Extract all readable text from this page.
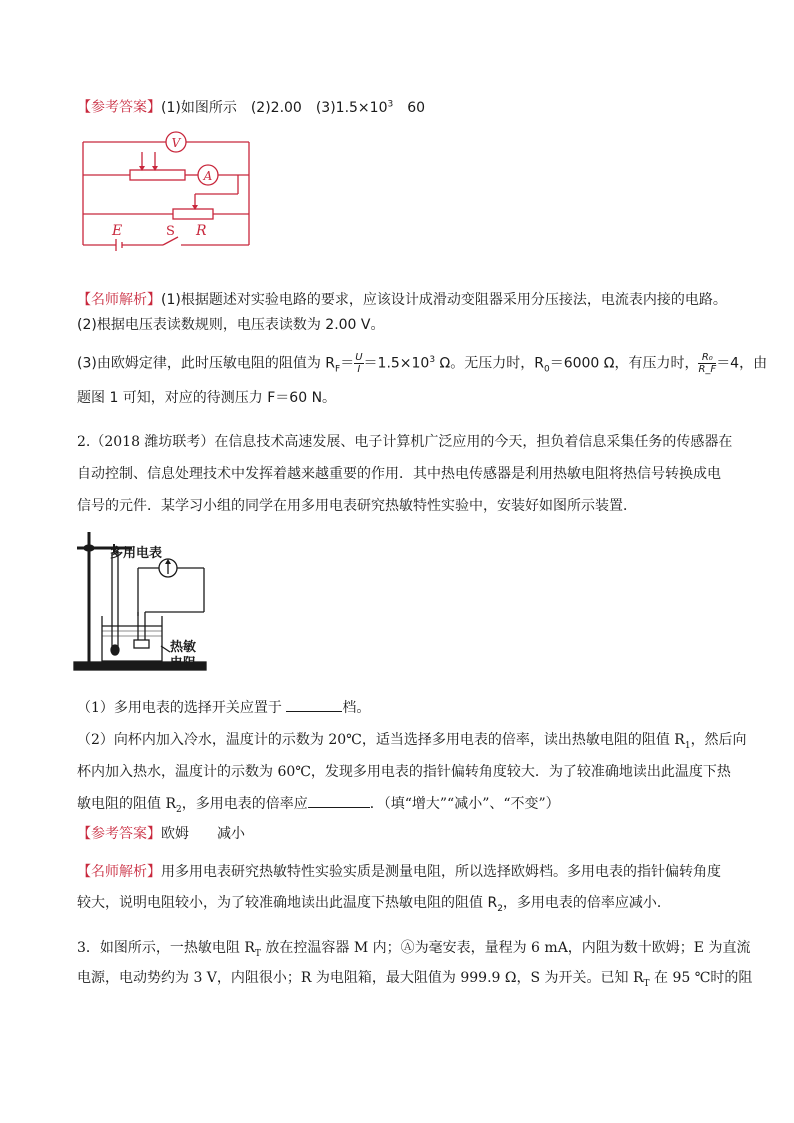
【参考答案】(1)如图所示　(2)2.00　$(3)1.5\times 10^3$　60
V
A
E	S R
【名师解析】(1)根据题述对实验电路的要求，应该设计成滑动变阻器采用分压接法，电流表内接的电路。
(2)根据电压表读数规则，电压表读数为 2.00 V。
(3)由欧姆定律，此时压敏电阻的阻值为 $R_F= \frac{U}{I} =1.5\times 10^3$ Ω。无压力时，$R_0=6000$ Ω，有压力时， $\frac{\text{R₀}}{R\_F} =4$，由
题图 1 可知，对应的待测压力 F＝60 N。
2.（2018 潍坊联考）在信息技术高速发展、电子计算机广泛应用的今天，担负着信息采集任务的传感器在
自动控制、信息处理技术中发挥着越来越重要的作用．其中热电传感器是利用热敏电阻将热信号转换成电
信号的元件．某学习小组的同学在用多用电表研究热敏特性实验中，安装好如图所示装置．
多用电表
热敏
电阻
（1）多用电表的选择开关应置于	档。
（2）向杯内加入冷水，温度计的示数为 20℃，适当选择多用电表的倍率，读出热敏电阻的阻值 $R_1$，然后向
杯内加入热水，温度计的示数为 60℃，发现多用电表的指针偏转角度较大．为了较准确地读出此温度下热
敏电阻的阻值 $R_2$，多用电表的倍率应	．（填“增大”“减小”、“不变”）
【参考答案】欧姆　　减小
【名师解析】用多用电表研究热敏特性实验实质是测量电阻，所以选择欧姆档。多用电表的指针偏转角度
较大，说明电阻较小，为了较准确地读出此温度下热敏电阻的阻值 $R_2$，多用电表的倍率应减小．
3．如图所示，一热敏电阻 $R_T$ 放在控温容器 M 内；Ⓐ为毫安表，量程为 6 mA，内阻为数十欧姆；E 为直流
电源，电动势约为 3 V，内阻很小；R 为电阻箱，最大阻值为 999.9 Ω，S 为开关。已知 $R_T$ 在 95 ℃时的阻
